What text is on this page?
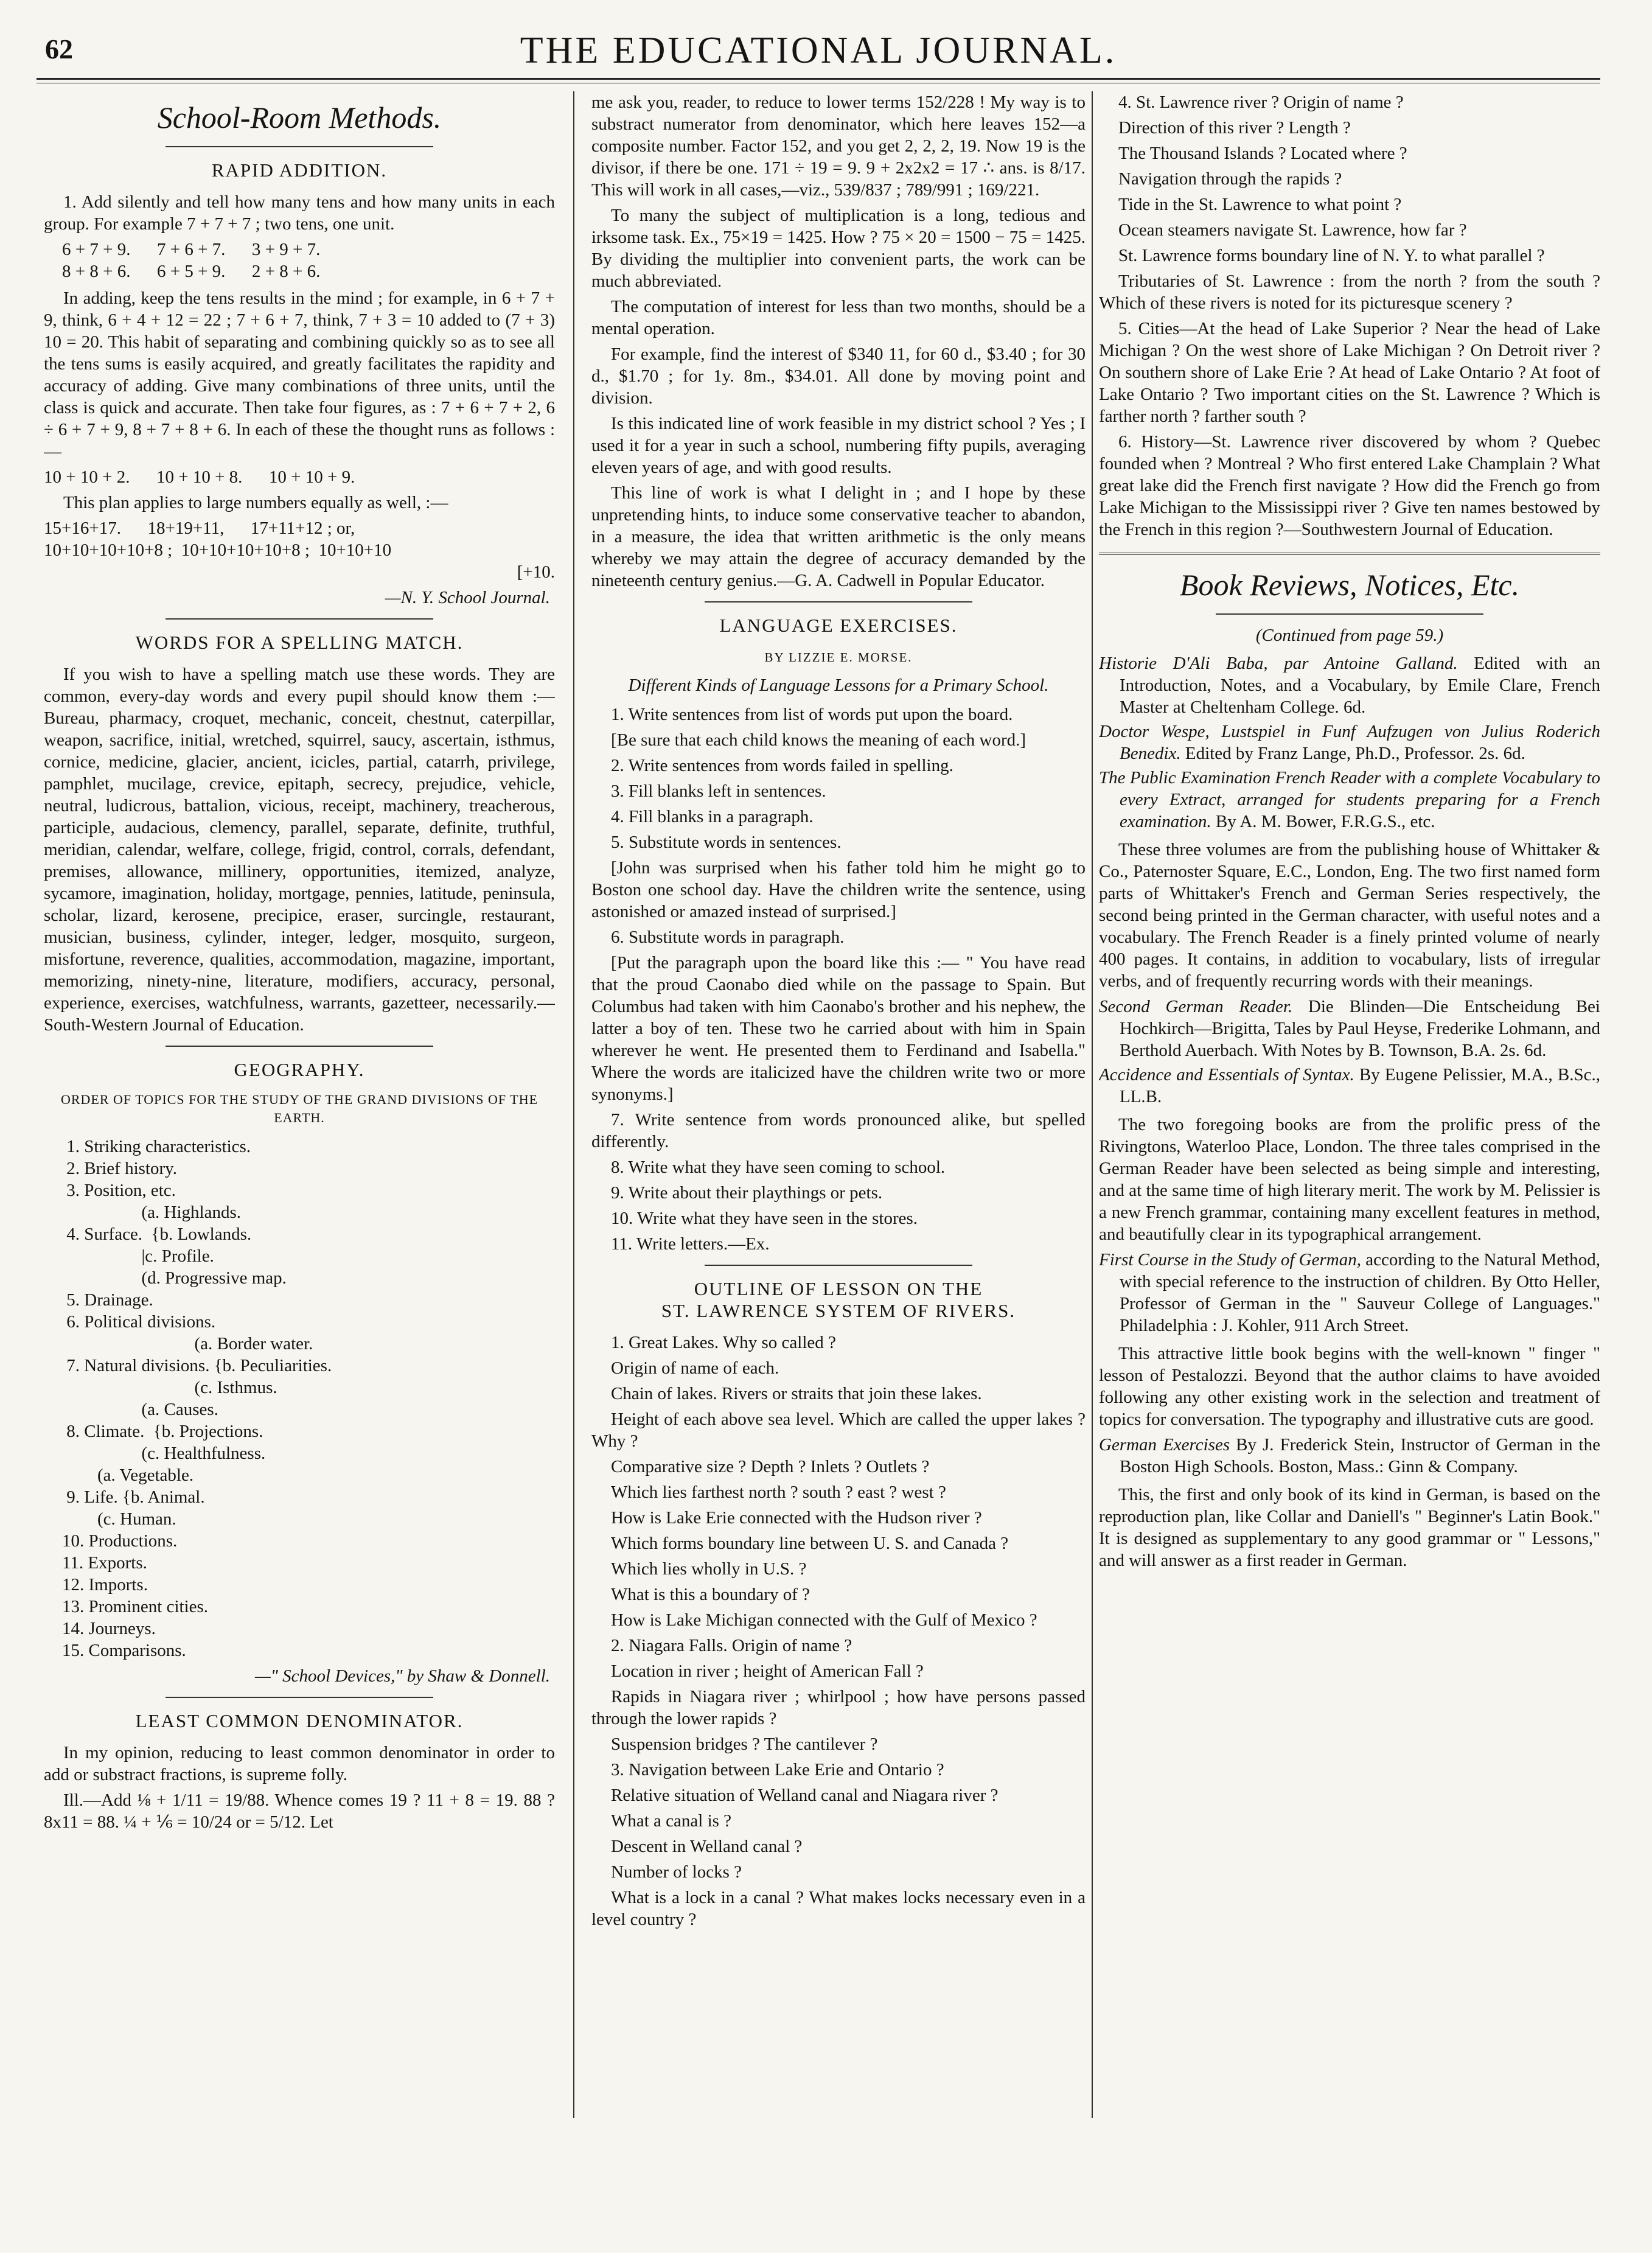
62	THE EDUCATIONAL JOURNAL.
School-Room Methods.
RAPID ADDITION.

1. Add silently and tell how many tens and how many units in each group. For example 7 + 7 + 7 ; two tens, one unit.

6 + 7 + 9.      7 + 6 + 7.      3 + 9 + 7.
8 + 8 + 6.      6 + 5 + 9.      2 + 8 + 6.

In adding, keep the tens results in the mind ; for example, in 6 + 7 + 9, think, 6 + 4 + 12 = 22 ; 7 + 6 + 7, think, 7 + 3 = 10 added to (7 + 3) 10 = 20. This habit of separating and combining quickly so as to see all the tens sums is easily acquired, and greatly facilitates the rapidity and accuracy of adding. Give many combinations of three units, until the class is quick and accurate. Then take four figures, as : 7 + 6 + 7 + 2, 6 ÷ 6 + 7 + 9, 8 + 7 + 8 + 6. In each of these the thought runs as follows :—

10 + 10 + 2.      10 + 10 + 8.      10 + 10 + 9.

This plan applies to large numbers equally as well, :—

15+16+17.      18+19+11,      17+11+12 ; or,
10+10+10+10+8 ;  10+10+10+10+8 ;  10+10+10
[+10.
—N. Y. School Journal.
WORDS FOR A SPELLING MATCH.

If you wish to have a spelling match use these words. They are common, every-day words and every pupil should know them :—Bureau, pharmacy, croquet, mechanic, conceit, chestnut, caterpillar, weapon, sacrifice, initial, wretched, squirrel, saucy, ascertain, isthmus, cornice, medicine, glacier, ancient, icicles, partial, catarrh, privilege, pamphlet, mucilage, crevice, epitaph, secrecy, prejudice, vehicle, neutral, ludicrous, battalion, vicious, receipt, machinery, treacherous, participle, audacious, clemency, parallel, separate, definite, truthful, meridian, calendar, welfare, college, frigid, control, corrals, defendant, premises, allowance, millinery, opportunities, itemized, analyze, sycamore, imagination, holiday, mortgage, pennies, latitude, peninsula, scholar, lizard, kerosene, precipice, eraser, surcingle, restaurant, musician, business, cylinder, integer, ledger, mosquito, surgeon, misfortune, reverence, qualities, accommodation, magazine, important, memorizing, ninety-nine, literature, modifiers, accuracy, personal, experience, exercises, watchfulness, warrants, gazetteer, necessarily.—South-Western Journal of Education.

GEOGRAPHY.
ORDER OF TOPICS FOR THE STUDY OF THE GRAND DIVISIONS OF THE EARTH.
1. Striking characteristics.
2. Brief history.
3. Position, etc.
(a. Highlands.
4. Surface.  {b. Lowlands.
|c. Profile.
(d. Progressive map.
5. Drainage.
6. Political divisions.
(a. Border water.
7. Natural divisions. {b. Peculiarities.
(c. Isthmus.
(a. Causes.
8. Climate.  {b. Projections.
(c. Healthfulness.
(a. Vegetable.
9. Life. {b. Animal.
(c. Human.
10. Productions.
11. Exports.
12. Imports.
13. Prominent cities.
14. Journeys.
15. Comparisons.
—" School Devices," by Shaw & Donnell.
LEAST COMMON DENOMINATOR.

In my opinion, reducing to least common denominator in order to add or substract fractions, is supreme folly.

Ill.—Add ⅛ + 1/11 = 19/88. Whence comes 19 ? 11 + 8 = 19. 88 ? 8x11 = 88. ¼ + ⅙ = 10/24 or = 5/12. Let

me ask you, reader, to reduce to lower terms 152/228 ! My way is to substract numerator from denominator, which here leaves 152—a composite number. Factor 152, and you get 2, 2, 2, 19. Now 19 is the divisor, if there be one. 171 ÷ 19 = 9. 9 + 2x2x2 = 17 ∴ ans. is 8/17. This will work in all cases,—viz., 539/837 ; 789/991 ; 169/221.

To many the subject of multiplication is a long, tedious and irksome task. Ex., 75×19 = 1425. How ? 75 × 20 = 1500 − 75 = 1425. By dividing the multiplier into convenient parts, the work can be much abbreviated.

The computation of interest for less than two months, should be a mental operation.

For example, find the interest of $340 11, for 60 d., $3.40 ; for 30 d., $1.70 ; for 1y. 8m., $34.01. All done by moving point and division.

Is this indicated line of work feasible in my district school ? Yes ; I used it for a year in such a school, numbering fifty pupils, averaging eleven years of age, and with good results.

This line of work is what I delight in ; and I hope by these unpretending hints, to induce some conservative teacher to abandon, in a measure, the idea that written arithmetic is the only means whereby we may attain the degree of accuracy demanded by the nineteenth century genius.—G. A. Cadwell in Popular Educator.

LANGUAGE EXERCISES.
BY LIZZIE E. MORSE.
Different Kinds of Language Lessons for a Primary School.

1. Write sentences from list of words put upon the board.

[Be sure that each child knows the meaning of each word.]

2. Write sentences from words failed in spelling.

3. Fill blanks left in sentences.

4. Fill blanks in a paragraph.

5. Substitute words in sentences.

[John was surprised when his father told him he might go to Boston one school day. Have the children write the sentence, using astonished or amazed instead of surprised.]

6. Substitute words in paragraph.

[Put the paragraph upon the board like this :— " You have read that the proud Caonabo died while on the passage to Spain. But Columbus had taken with him Caonabo's brother and his nephew, the latter a boy of ten. These two he carried about with him in Spain wherever he went. He presented them to Ferdinand and Isabella." Where the words are italicized have the children write two or more synonyms.]

7. Write sentence from words pronounced alike, but spelled differently.

8. Write what they have seen coming to school.

9. Write about their playthings or pets.

10. Write what they have seen in the stores.

11. Write letters.—Ex.

OUTLINE OF LESSON ON THE
ST. LAWRENCE SYSTEM OF RIVERS.

1. Great Lakes. Why so called ?

Origin of name of each.

Chain of lakes. Rivers or straits that join these lakes.

Height of each above sea level. Which are called the upper lakes ? Why ?

Comparative size ? Depth ? Inlets ? Outlets ?

Which lies farthest north ? south ? east ? west ?

How is Lake Erie connected with the Hudson river ?

Which forms boundary line between U. S. and Canada ?

Which lies wholly in U.S. ?

What is this a boundary of ?

How is Lake Michigan connected with the Gulf of Mexico ?

2. Niagara Falls. Origin of name ?

Location in river ; height of American Fall ?

Rapids in Niagara river ; whirlpool ; how have persons passed through the lower rapids ?

Suspension bridges ? The cantilever ?

3. Navigation between Lake Erie and Ontario ?

Relative situation of Welland canal and Niagara river ?

What a canal is ?

Descent in Welland canal ?

Number of locks ?

What is a lock in a canal ? What makes locks necessary even in a level country ?

4. St. Lawrence river ? Origin of name ?

Direction of this river ? Length ?

The Thousand Islands ? Located where ?

Navigation through the rapids ?

Tide in the St. Lawrence to what point ?

Ocean steamers navigate St. Lawrence, how far ?

St. Lawrence forms boundary line of N. Y. to what parallel ?

Tributaries of St. Lawrence : from the north ? from the south ? Which of these rivers is noted for its picturesque scenery ?

5. Cities—At the head of Lake Superior ? Near the head of Lake Michigan ? On the west shore of Lake Michigan ? On Detroit river ? On southern shore of Lake Erie ? At head of Lake Ontario ? At foot of Lake Ontario ? Two important cities on the St. Lawrence ? Which is farther north ? farther south ?

6. History—St. Lawrence river discovered by whom ? Quebec founded when ? Montreal ? Who first entered Lake Champlain ? What great lake did the French first navigate ? How did the French go from Lake Michigan to the Mississippi river ? Give ten names bestowed by the French in this region ?—Southwestern Journal of Education.

Book Reviews, Notices, Etc.
(Continued from page 59.)
Historie D'Ali Baba, par Antoine Galland. Edited with an Introduction, Notes, and a Vocabulary, by Emile Clare, French Master at Cheltenham College. 6d.
Doctor Wespe, Lustspiel in Funf Aufzugen von Julius Roderich Benedix. Edited by Franz Lange, Ph.D., Professor. 2s. 6d.
The Public Examination French Reader with a complete Vocabulary to every Extract, arranged for students preparing for a French examination. By A. M. Bower, F.R.G.S., etc.

These three volumes are from the publishing house of Whittaker & Co., Paternoster Square, E.C., London, Eng. The two first named form parts of Whittaker's French and German Series respectively, the second being printed in the German character, with useful notes and a vocabulary. The French Reader is a finely printed volume of nearly 400 pages. It contains, in addition to vocabulary, lists of irregular verbs, and of frequently recurring words with their meanings.

Second German Reader. Die Blinden—Die Entscheidung Bei Hochkirch—Brigitta, Tales by Paul Heyse, Frederike Lohmann, and Berthold Auerbach. With Notes by B. Townson, B.A. 2s. 6d.
Accidence and Essentials of Syntax. By Eugene Pelissier, M.A., B.Sc., LL.B.

The two foregoing books are from the prolific press of the Rivingtons, Waterloo Place, London. The three tales comprised in the German Reader have been selected as being simple and interesting, and at the same time of high literary merit. The work by M. Pelissier is a new French grammar, containing many excellent features in method, and beautifully clear in its typographical arrangement.

First Course in the Study of German, according to the Natural Method, with special reference to the instruction of children. By Otto Heller, Professor of German in the " Sauveur College of Languages." Philadelphia : J. Kohler, 911 Arch Street.

This attractive little book begins with the well-known " finger " lesson of Pestalozzi. Beyond that the author claims to have avoided following any other existing work in the selection and treatment of topics for conversation. The typography and illustrative cuts are good.

German Exercises By J. Frederick Stein, Instructor of German in the Boston High Schools. Boston, Mass.: Ginn & Company.

This, the first and only book of its kind in German, is based on the reproduction plan, like Collar and Daniell's " Beginner's Latin Book." It is designed as supplementary to any good grammar or " Lessons," and will answer as a first reader in German.
